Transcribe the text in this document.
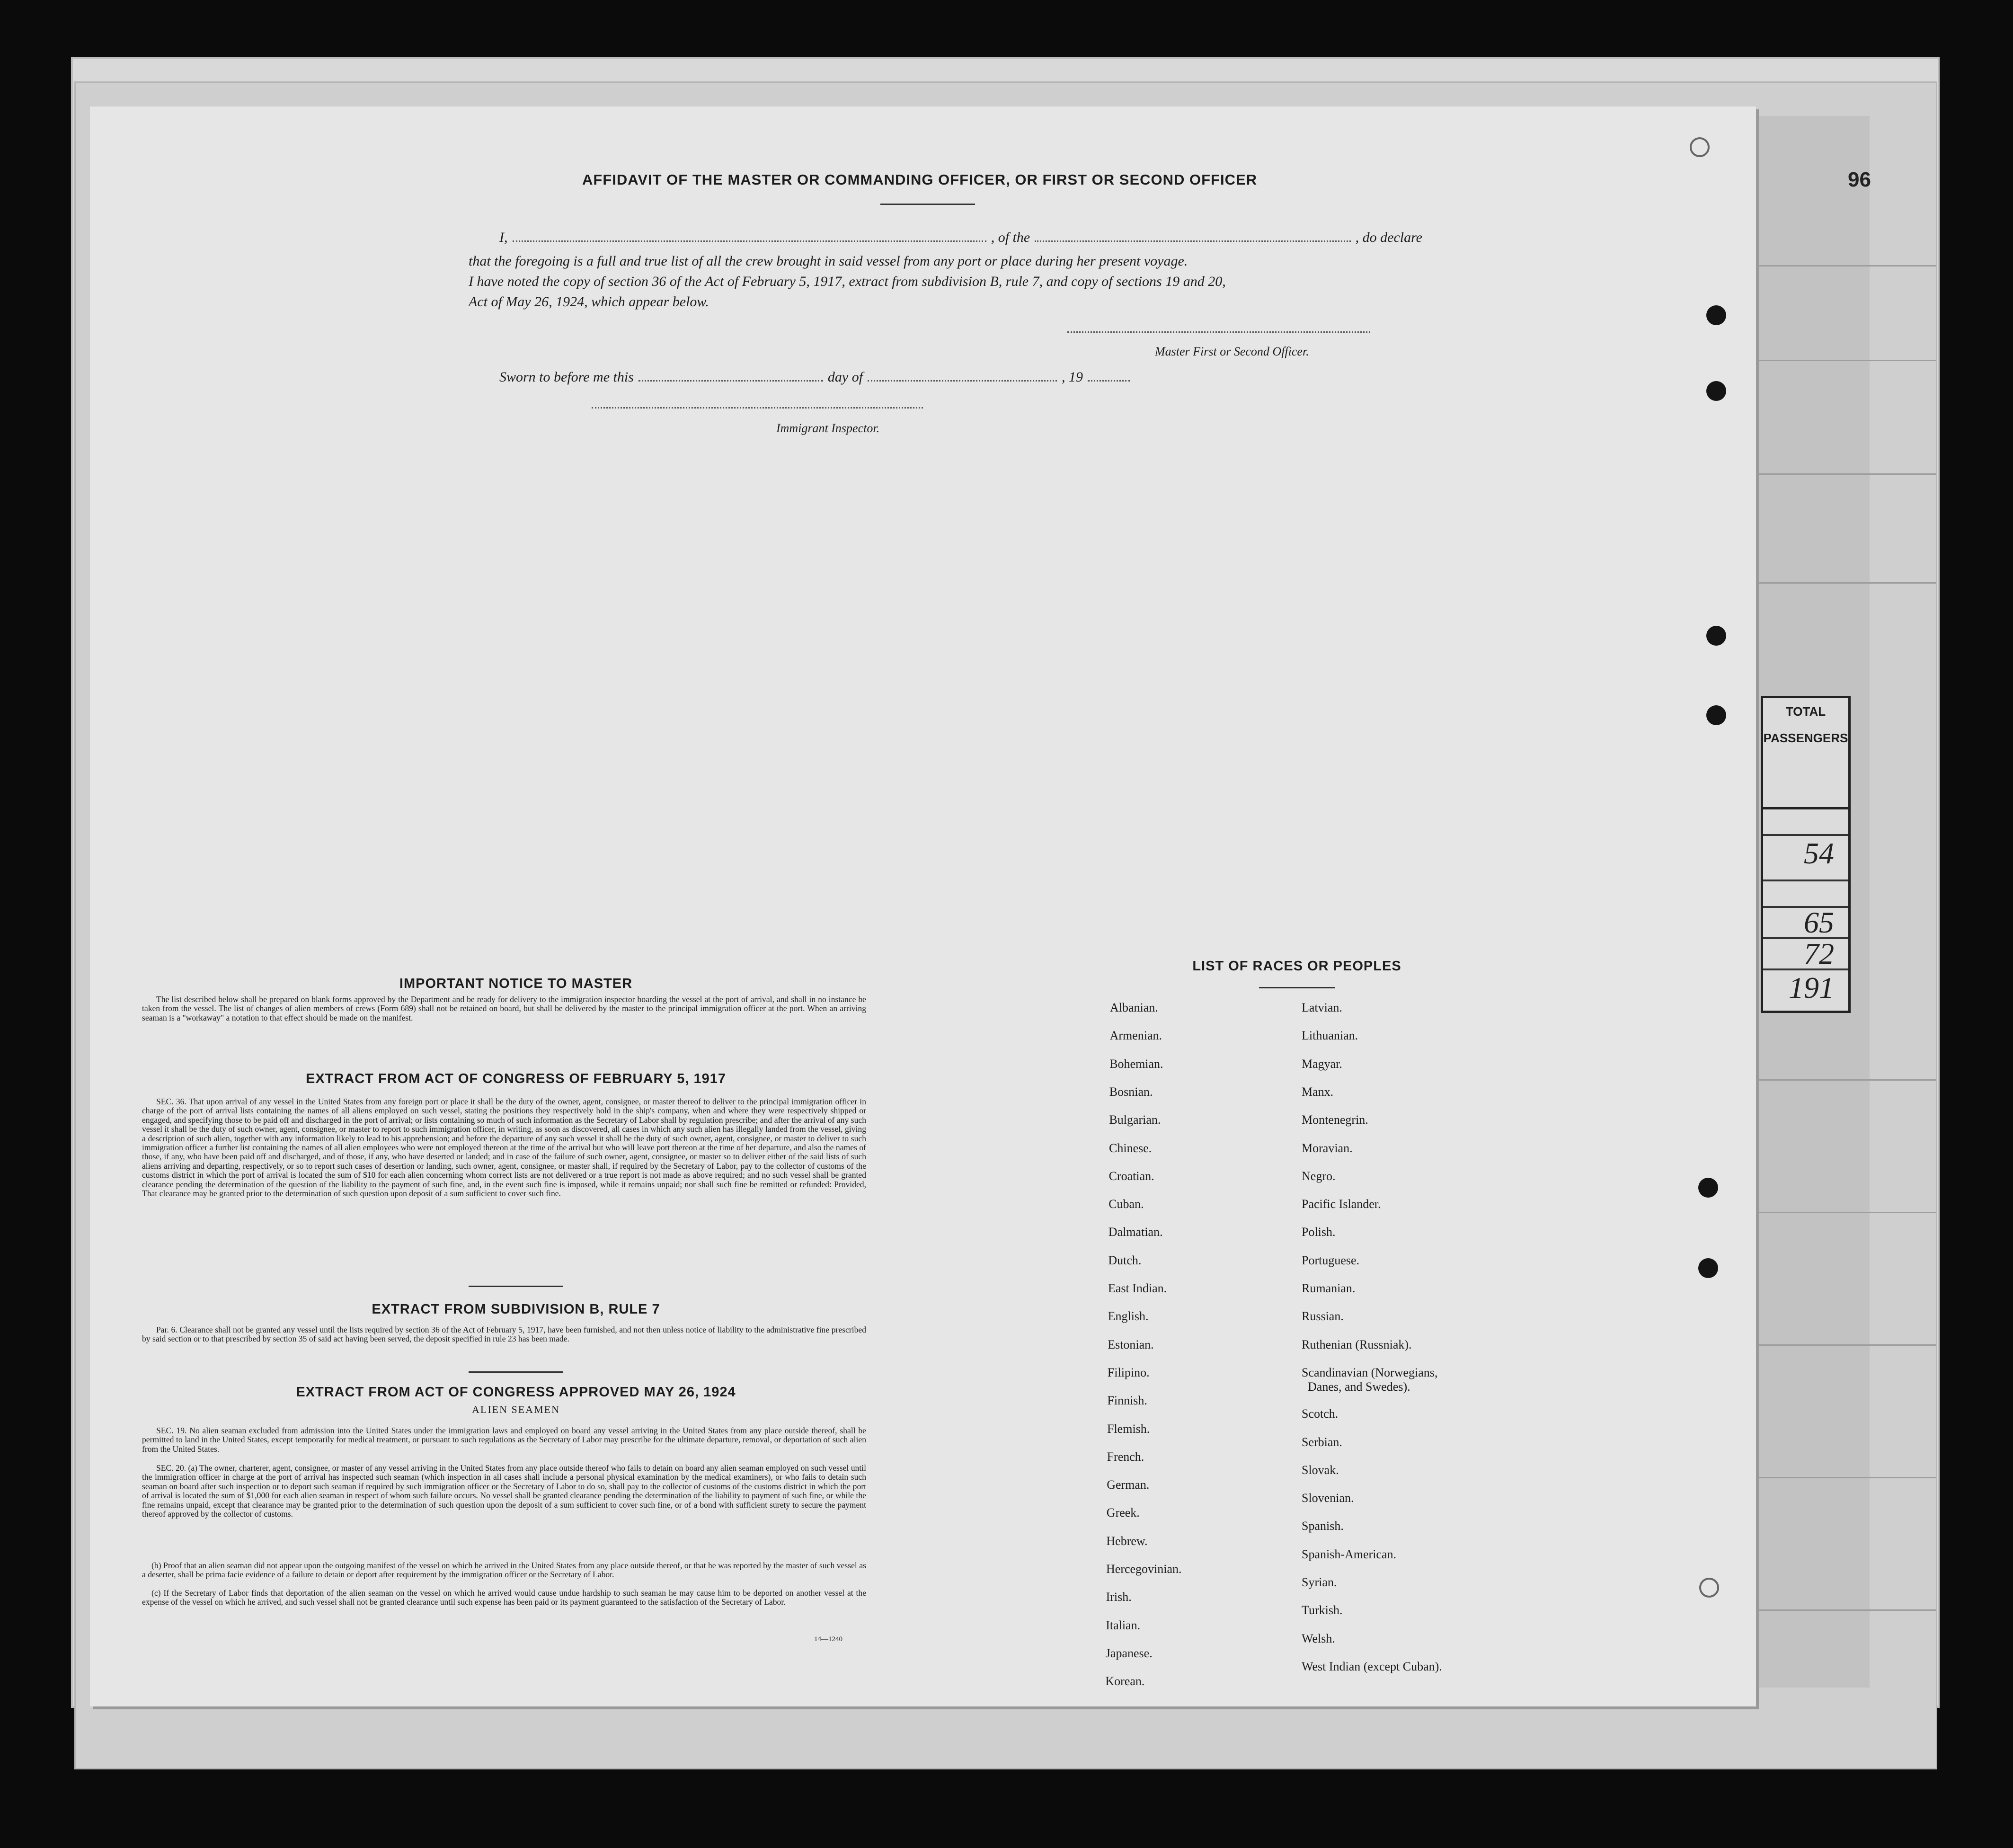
96
TOTAL
PASSENGERS
54
65
72
191
AFFIDAVIT OF THE MASTER OR COMMANDING OFFICER, OR FIRST OR SECOND OFFICER
I,	, of the	, do declare
that the foregoing is a full and true list of all the crew brought in said vessel from any port or place during her present voyage.
I have noted the copy of section 36 of the Act of February 5, 1917, extract from subdivision B, rule 7, and copy of sections 19 and 20,
Act of May 26, 1924, which appear below.
Master First or Second Officer.
Sworn to before me this	day of	, 19
Immigrant Inspector.
IMPORTANT NOTICE TO MASTER
The list described below shall be prepared on blank forms approved by the Department and be ready for delivery to the immigration inspector boarding the vessel at the port of arrival, and shall in no instance be taken from the vessel. The list of changes of alien members of crews (Form 689) shall not be retained on board, but shall be delivered by the master to the principal immigration officer at the port. When an arriving seaman is a "workaway" a notation to that effect should be made on the manifest.
EXTRACT FROM ACT OF CONGRESS OF FEBRUARY 5, 1917
SEC. 36. That upon arrival of any vessel in the United States from any foreign port or place it shall be the duty of the owner, agent, consignee, or master thereof to deliver to the principal immigration officer in charge of the port of arrival lists containing the names of all aliens employed on such vessel, stating the positions they respectively hold in the ship's company, when and where they were respectively shipped or engaged, and specifying those to be paid off and discharged in the port of arrival; or lists containing so much of such information as the Secretary of Labor shall by regulation prescribe; and after the arrival of any such vessel it shall be the duty of such owner, agent, consignee, or master to report to such immigration officer, in writing, as soon as discovered, all cases in which any such alien has illegally landed from the vessel, giving a description of such alien, together with any information likely to lead to his apprehension; and before the departure of any such vessel it shall be the duty of such owner, agent, consignee, or master to deliver to such immigration officer a further list containing the names of all alien employees who were not employed thereon at the time of the arrival but who will leave port thereon at the time of her departure, and also the names of those, if any, who have been paid off and discharged, and of those, if any, who have deserted or landed; and in case of the failure of such owner, agent, consignee, or master so to deliver either of the said lists of such aliens arriving and departing, respectively, or so to report such cases of desertion or landing, such owner, agent, consignee, or master shall, if required by the Secretary of Labor, pay to the collector of customs of the customs district in which the port of arrival is located the sum of $10 for each alien concerning whom correct lists are not delivered or a true report is not made as above required; and no such vessel shall be granted clearance pending the determination of the question of the liability to the payment of such fine, and, in the event such fine is imposed, while it remains unpaid; nor shall such fine be remitted or refunded: Provided, That clearance may be granted prior to the determination of such question upon deposit of a sum sufficient to cover such fine.
EXTRACT FROM SUBDIVISION B, RULE 7
Par. 6. Clearance shall not be granted any vessel until the lists required by section 36 of the Act of February 5, 1917, have been furnished, and not then unless notice of liability to the administrative fine prescribed by said section or to that prescribed by section 35 of said act having been served, the deposit specified in rule 23 has been made.
EXTRACT FROM ACT OF CONGRESS APPROVED MAY 26, 1924
ALIEN SEAMEN
SEC. 19. No alien seaman excluded from admission into the United States under the immigration laws and employed on board any vessel arriving in the United States from any place outside thereof, shall be permitted to land in the United States, except temporarily for medical treatment, or pursuant to such regulations as the Secretary of Labor may prescribe for the ultimate departure, removal, or deportation of such alien from the United States.
SEC. 20. (a) The owner, charterer, agent, consignee, or master of any vessel arriving in the United States from any place outside thereof who fails to detain on board any alien seaman employed on such vessel until the immigration officer in charge at the port of arrival has inspected such seaman (which inspection in all cases shall include a personal physical examination by the medical examiners), or who fails to detain such seaman on board after such inspection or to deport such seaman if required by such immigration officer or the Secretary of Labor to do so, shall pay to the collector of customs of the customs district in which the port of arrival is located the sum of $1,000 for each alien seaman in respect of whom such failure occurs. No vessel shall be granted clearance pending the determination of the liability to payment of such fine, or while the fine remains unpaid, except that clearance may be granted prior to the determination of such question upon the deposit of a sum sufficient to cover such fine, or of a bond with sufficient surety to secure the payment thereof approved by the collector of customs.
(b) Proof that an alien seaman did not appear upon the outgoing manifest of the vessel on which he arrived in the United States from any place outside thereof, or that he was reported by the master of such vessel as a deserter, shall be prima facie evidence of a failure to detain or deport after requirement by the immigration officer or the Secretary of Labor.
(c) If the Secretary of Labor finds that deportation of the alien seaman on the vessel on which he arrived would cause undue hardship to such seaman he may cause him to be deported on another vessel at the expense of the vessel on which he arrived, and such vessel shall not be granted clearance until such expense has been paid or its payment guaranteed to the satisfaction of the Secretary of Labor.
14—1240
LIST OF RACES OR PEOPLES
Albanian.
Armenian.
Bohemian.
Bosnian.
Bulgarian.
Chinese.
Croatian.
Cuban.
Dalmatian.
Dutch.
East Indian.
English.
Estonian.
Filipino.
Finnish.
Flemish.
French.
German.
Greek.
Hebrew.
Hercegovinian.
Irish.
Italian.
Japanese.
Korean.
Latvian.
Lithuanian.
Magyar.
Manx.
Montenegrin.
Moravian.
Negro.
Pacific Islander.
Polish.
Portuguese.
Rumanian.
Russian.
Ruthenian (Russniak).
Scandinavian (Norwegians,
Danes, and Swedes).
Scotch.
Serbian.
Slovak.
Slovenian.
Spanish.
Spanish-American.
Syrian.
Turkish.
Welsh.
West Indian (except Cuban).
